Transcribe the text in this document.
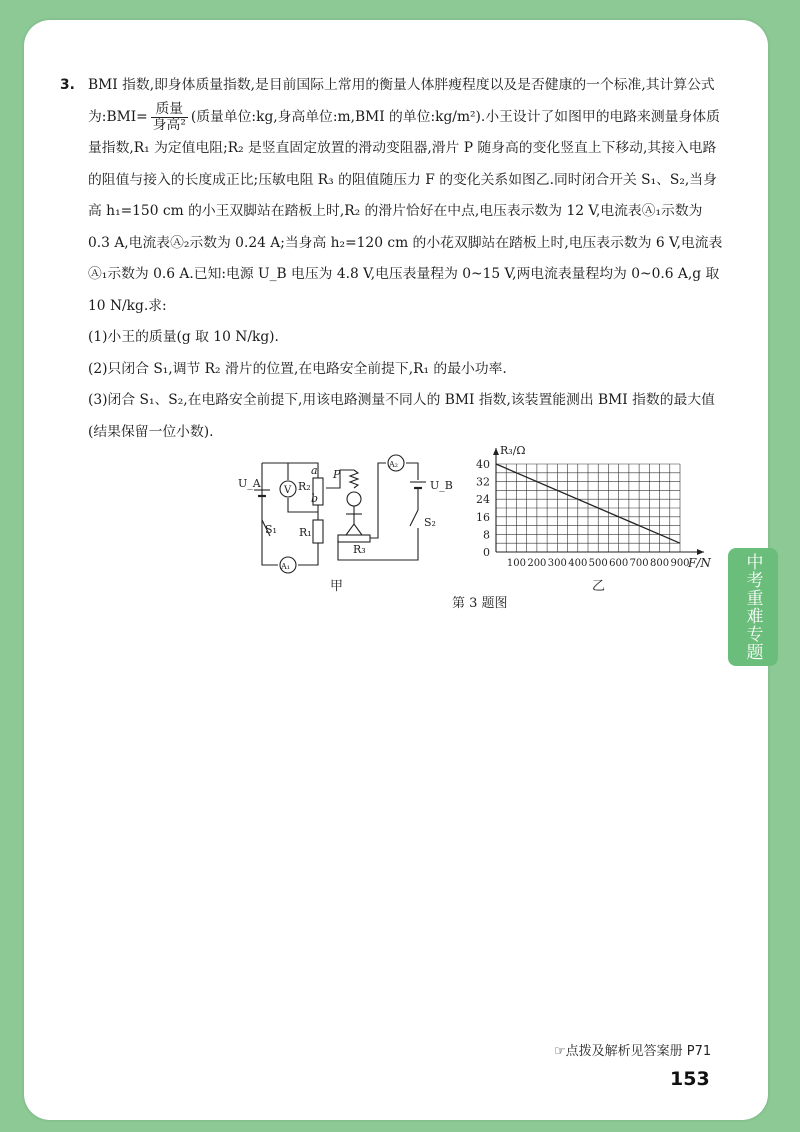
中考重难专题
3. BMI 指数,即身体质量指数,是目前国际上常用的衡量人体胖瘦程度以及是否健康的一个标准,其计算公式为:BMI= $\frac{\text{质量}}{\text{身高²}}$ (质量单位:kg,身高单位:m,BMI 的单位:kg/m²).小王设计了如图甲的电路来测量身体质量指数,R₁ 为定值电阻;R₂ 是竖直固定放置的滑动变阻器,滑片 P 随身高的变化竖直上下移动,其接入电路的阻值与接入的长度成正比;压敏电阻 R₃ 的阻值随压力 F 的变化关系如图乙.同时闭合开关 S₁、S₂,当身高 h₁=150 cm 的小王双脚站在踏板上时,R₂ 的滑片恰好在中点,电压表示数为 12 V,电流表Ⓐ₁示数为 0.3 A,电流表Ⓐ₂示数为 0.24 A;当身高 h₂=120 cm 的小花双脚站在踏板上时,电压表示数为 6 V,电流表Ⓐ₁示数为 0.6 A.已知:电源 U_B 电压为 4.8 V,电压表量程为 0~15 V,两电流表量程均为 0~0.6 A,g 取 10 N/kg.求:

(1)小王的质量(g 取 10 N/kg).

(2)只闭合 S₁,调节 R₂ 滑片的位置,在电路安全前提下,R₁ 的最小功率.

(3)闭合 S₁、S₂,在电路安全前提下,用该电路测量不同人的 BMI 指数,该装置能测出 BMI 指数的最大值(结果保留一位小数).

U_A	U_B
V
A₁
A₂
R₁
R₂
R₃
S₁
S₂
P
a
b
甲
100 200 300 400 500 600 700 800 900
0
8
16
24
32
40
R₃/Ω
F/N
乙
第 3 题图
☞点拨及解析见答案册 P71
153
